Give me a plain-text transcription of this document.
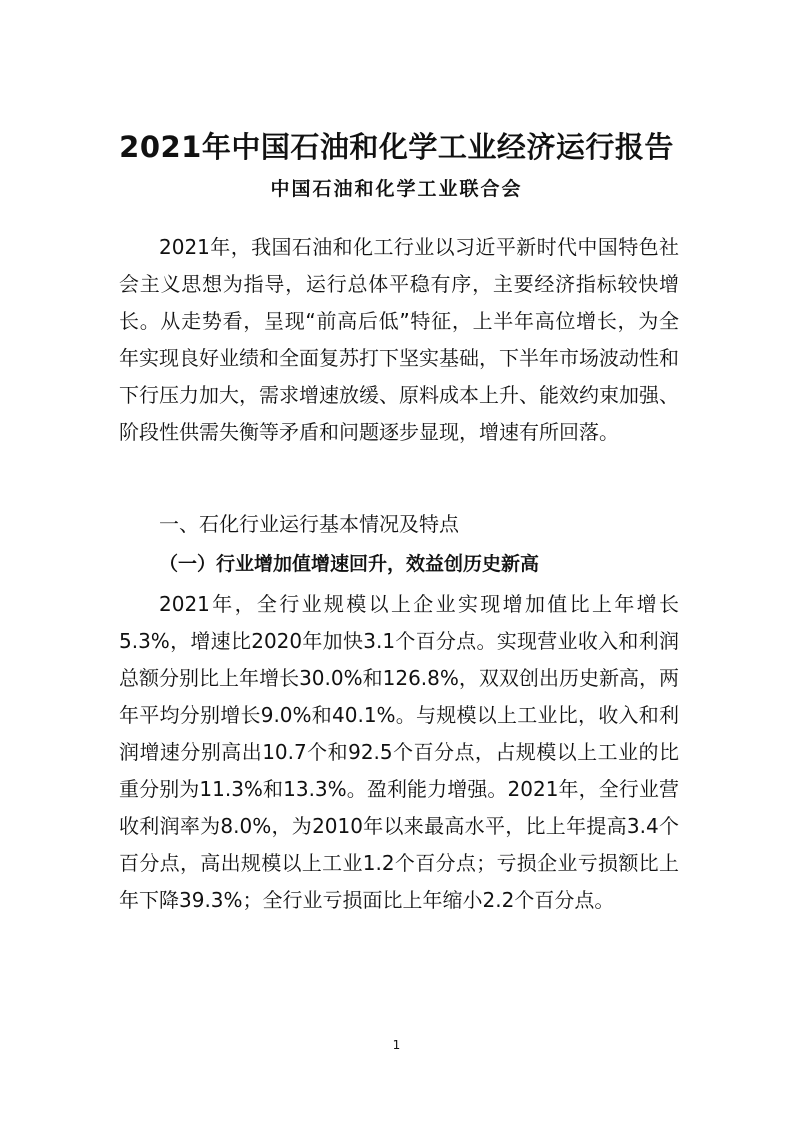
2021年中国石油和化学工业经济运行报告
中国石油和化学工业联合会

2021年，我国石油和化工行业以习近平新时代中国特色社会主义思想为指导，运行总体平稳有序，主要经济指标较快增长。从走势看，呈现“前高后低”特征，上半年高位增长，为全年实现良好业绩和全面复苏打下坚实基础，下半年市场波动性和下行压力加大，需求增速放缓、原料成本上升、能效约束加强、阶段性供需失衡等矛盾和问题逐步显现，增速有所回落。

一、石化行业运行基本情况及特点

（一）行业增加值增速回升，效益创历史新高

2021年，全行业规模以上企业实现增加值比上年增长5.3%，增速比2020年加快3.1个百分点。实现营业收入和利润总额分别比上年增长30.0%和126.8%，双双创出历史新高，两年平均分别增长9.0%和40.1%。与规模以上工业比，收入和利润增速分别高出10.7个和92.5个百分点，占规模以上工业的比重分别为11.3%和13.3%。盈利能力增强。2021年，全行业营收利润率为8.0%，为2010年以来最高水平，比上年提高3.4个百分点，高出规模以上工业1.2个百分点；亏损企业亏损额比上年下降39.3%；全行业亏损面比上年缩小2.2个百分点。

1
